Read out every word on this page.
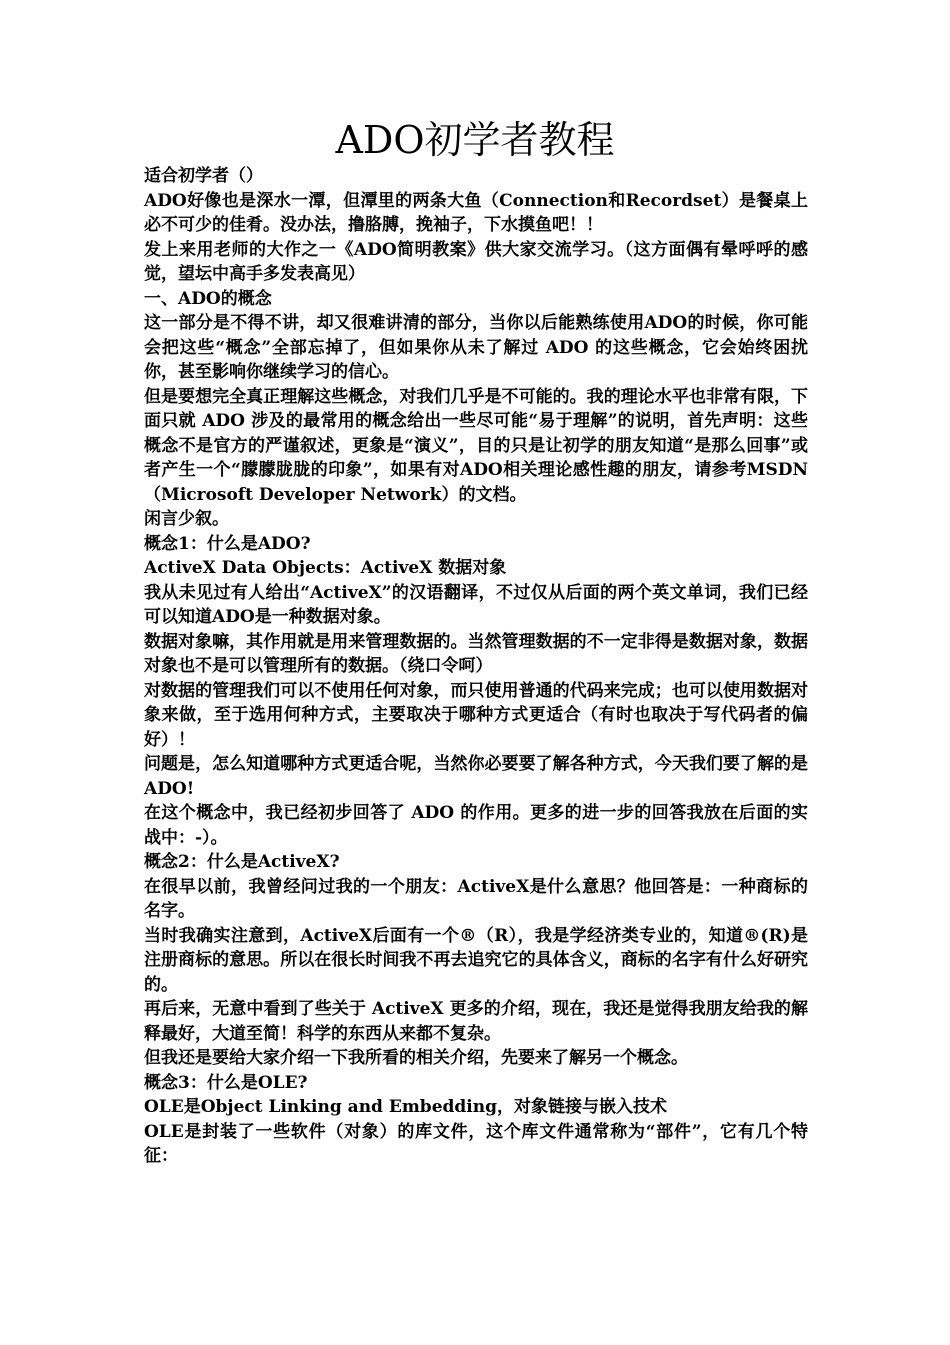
ADO初学者教程

适合初学者（）

ADO好像也是深水一潭，但潭里的两条大鱼（Connection和Recordset）是餐桌上必不可少的佳肴。没办法，撸胳膊，挽袖子，下水摸鱼吧！！

发上来用老师的大作之一《ADO简明教案》供大家交流学习。（这方面偶有晕呼呼的感觉，望坛中高手多发表高见）

一、ADO的概念

这一部分是不得不讲，却又很难讲清的部分，当你以后能熟练使用ADO的时候，你可能会把这些“概念”全部忘掉了，但如果你从未了解过 ADO 的这些概念，它会始终困扰你，甚至影响你继续学习的信心。

但是要想完全真正理解这些概念，对我们几乎是不可能的。我的理论水平也非常有限，下面只就 ADO 涉及的最常用的概念给出一些尽可能“易于理解”的说明，首先声明：这些概念不是官方的严谨叙述，更象是“演义”，目的只是让初学的朋友知道“是那么回事”或者产生一个“朦朦胧胧的印象”，如果有对ADO相关理论感性趣的朋友，请参考MSDN（Microsoft Developer Network）的文档。

闲言少叙。

概念1：什么是ADO?

ActiveX Data Objects：ActiveX 数据对象

我从未见过有人给出“ActiveX”的汉语翻译，不过仅从后面的两个英文单词，我们已经可以知道ADO是一种数据对象。

数据对象嘛，其作用就是用来管理数据的。当然管理数据的不一定非得是数据对象，数据对象也不是可以管理所有的数据。（绕口令呵）

对数据的管理我们可以不使用任何对象，而只使用普通的代码来完成；也可以使用数据对象来做，至于选用何种方式，主要取决于哪种方式更适合（有时也取决于写代码者的偏好）！

问题是，怎么知道哪种方式更适合呢，当然你必要要了解各种方式，今天我们要了解的是ADO!

在这个概念中，我已经初步回答了 ADO 的作用。更多的进一步的回答我放在后面的实战中：-）。

概念2：什么是ActiveX?

在很早以前，我曾经问过我的一个朋友：ActiveX是什么意思？他回答是：一种商标的名字。

当时我确实注意到，ActiveX后面有一个®（R），我是学经济类专业的，知道®(R)是注册商标的意思。所以在很长时间我不再去追究它的具体含义，商标的名字有什么好研究的。

再后来，无意中看到了些关于 ActiveX 更多的介绍，现在，我还是觉得我朋友给我的解释最好，大道至简！科学的东西从来都不复杂。

但我还是要给大家介绍一下我所看的相关介绍，先要来了解另一个概念。

概念3：什么是OLE?

OLE是Object Linking and Embedding，对象链接与嵌入技术

OLE是封装了一些软件（对象）的库文件，这个库文件通常称为“部件”，它有几个特征：
